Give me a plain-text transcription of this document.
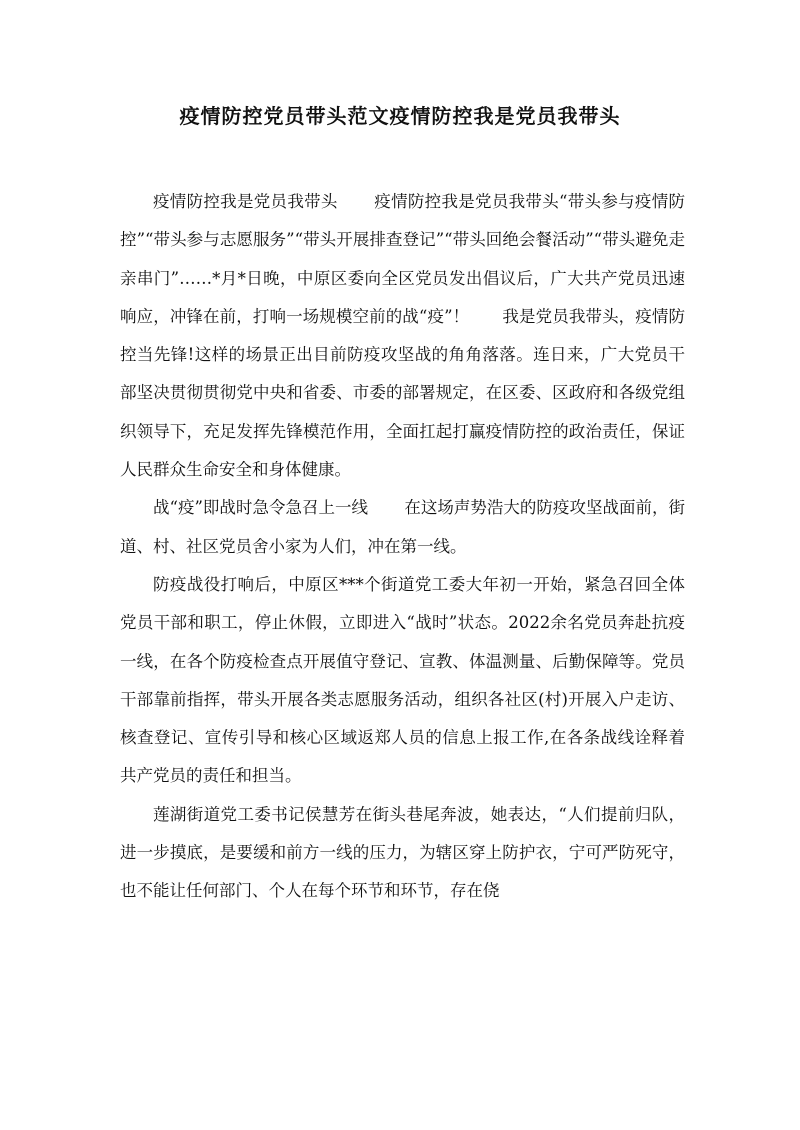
疫情防控党员带头范文疫情防控我是党员我带头

疫情防控我是党员我带头 疫情防控我是党员我带头“带头参与疫情防控”“带头参与志愿服务”“带头开展排查登记”“带头回绝会餐活动”“带头避免走亲串门”……*月*日晚，中原区委向全区党员发出倡议后，广大共产党员迅速响应，冲锋在前，打响一场规模空前的战“疫”！　　我是党员我带头，疫情防控当先锋!这样的场景正出目前防疫攻坚战的角角落落。连日来，广大党员干部坚决贯彻贯彻党中央和省委、市委的部署规定，在区委、区政府和各级党组织领导下，充足发挥先锋模范作用，全面扛起打赢疫情防控的政治责任，保证人民群众生命安全和身体健康。

战“疫”即战时急令急召上一线 在这场声势浩大的防疫攻坚战面前，街道、村、社区党员舍小家为人们，冲在第一线。

防疫战役打响后，中原区***个街道党工委大年初一开始，紧急召回全体党员干部和职工，停止休假，立即进入“战时”状态。2022余名党员奔赴抗疫一线，在各个防疫检查点开展值守登记、宣教、体温测量、后勤保障等。党员干部靠前指挥，带头开展各类志愿服务活动，组织各社区(村)开展入户走访、核查登记、宣传引导和核心区域返郑人员的信息上报工作,在各条战线诠释着共产党员的责任和担当。

莲湖街道党工委书记侯慧芳在街头巷尾奔波，她表达，“人们提前归队，进一步摸底，是要缓和前方一线的压力，为辖区穿上防护衣，宁可严防死守，也不能让任何部门、个人在每个环节和环节，存在侥
